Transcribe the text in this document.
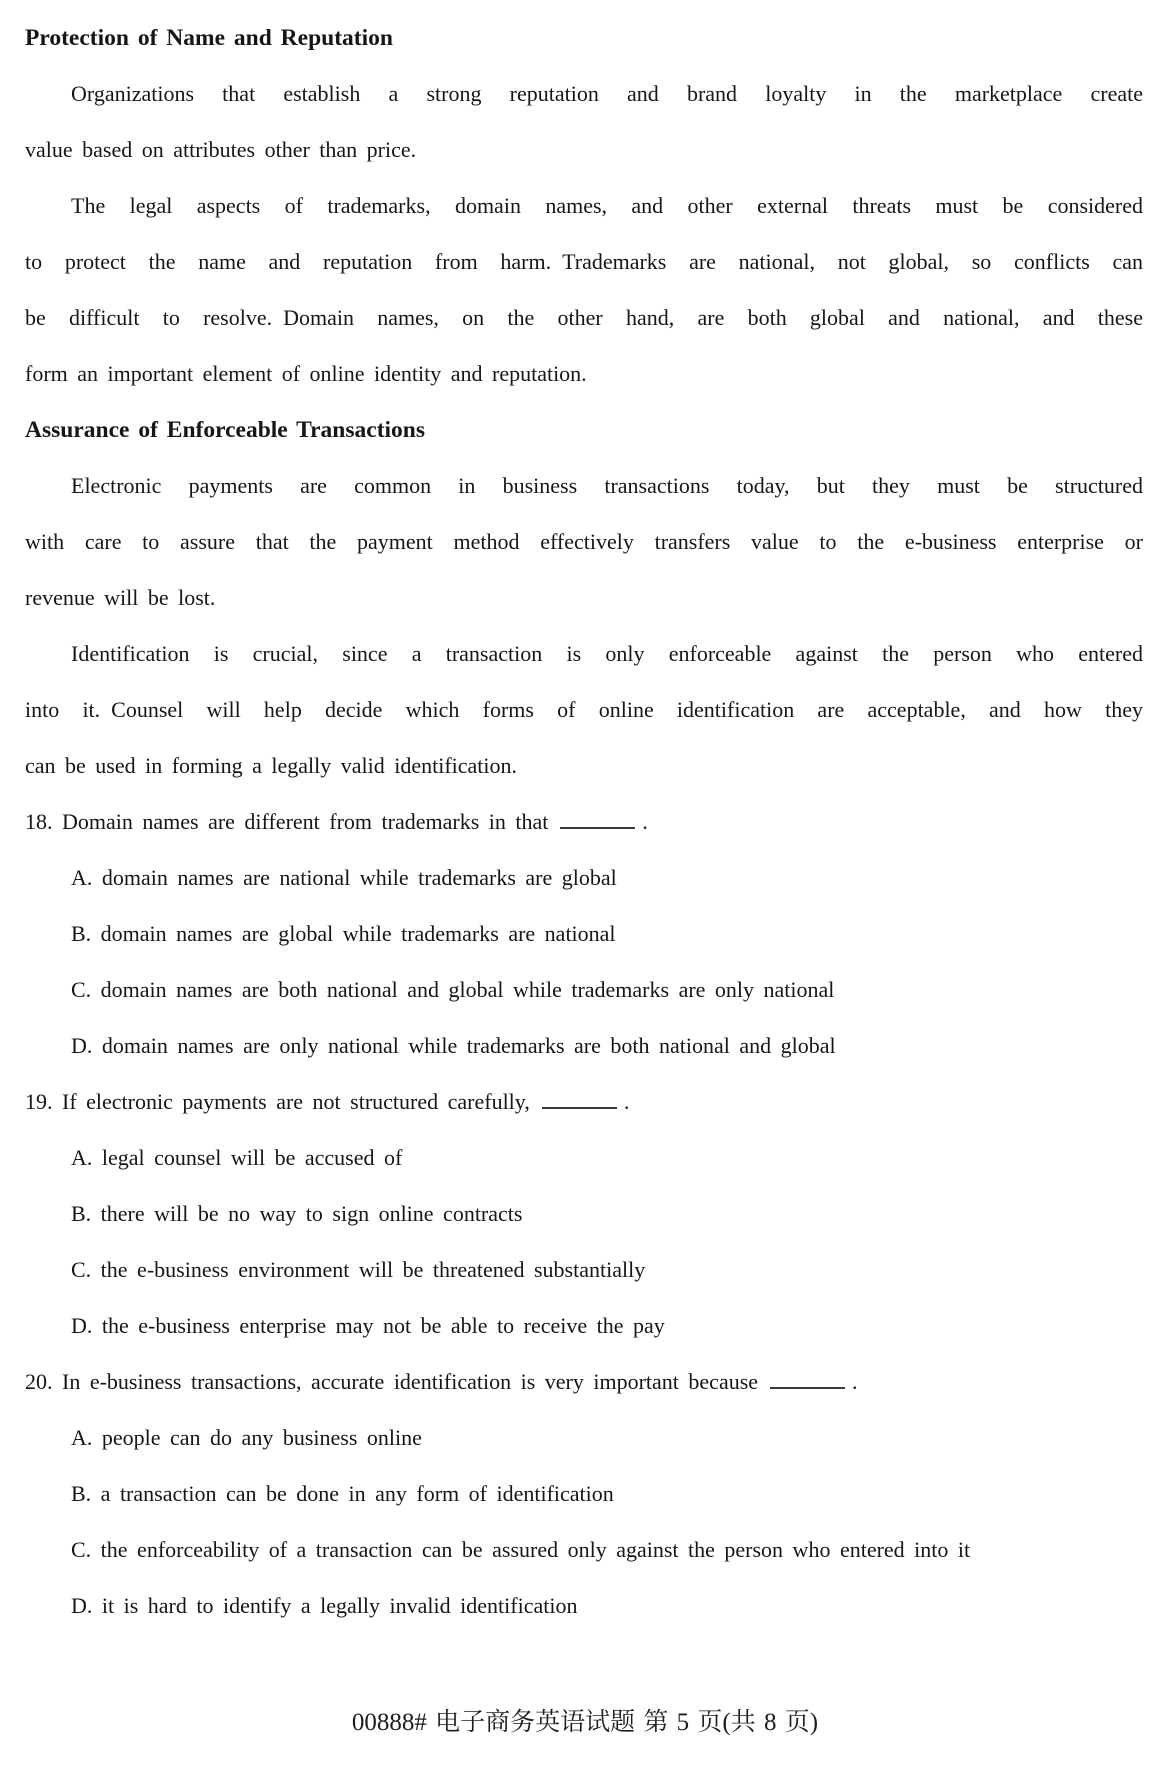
Protection of Name and Reputation
Organizations that establish a strong reputation and brand loyalty in the marketplace create
value based on attributes other than price.
The legal aspects of trademarks, domain names, and other external threats must be considered
to protect the name and reputation from harm. Trademarks are national, not global, so conflicts can
be difficult to resolve. Domain names, on the other hand, are both global and national, and these
form an important element of online identity and reputation.
Assurance of Enforceable Transactions
Electronic payments are common in business transactions today, but they must be structured
with care to assure that the payment method effectively transfers value to the e-business enterprise or
revenue will be lost.
Identification is crucial, since a transaction is only enforceable against the person who entered
into it. Counsel will help decide which forms of online identification are acceptable, and how they
can be used in forming a legally valid identification.
18. Domain names are different from trademarks in that	.
A. domain names are national while trademarks are global
B. domain names are global while trademarks are national
C. domain names are both national and global while trademarks are only national
D. domain names are only national while trademarks are both national and global
19. If electronic payments are not structured carefully,	.
A. legal counsel will be accused of
B. there will be no way to sign online contracts
C. the e-business environment will be threatened substantially
D. the e-business enterprise may not be able to receive the pay
20. In e-business transactions, accurate identification is very important because	.
A. people can do any business online
B. a transaction can be done in any form of identification
C. the enforceability of a transaction can be assured only against the person who entered into it
D. it is hard to identify a legally invalid identification
00888# 电子商务英语试题 第 5 页(共 8 页)
